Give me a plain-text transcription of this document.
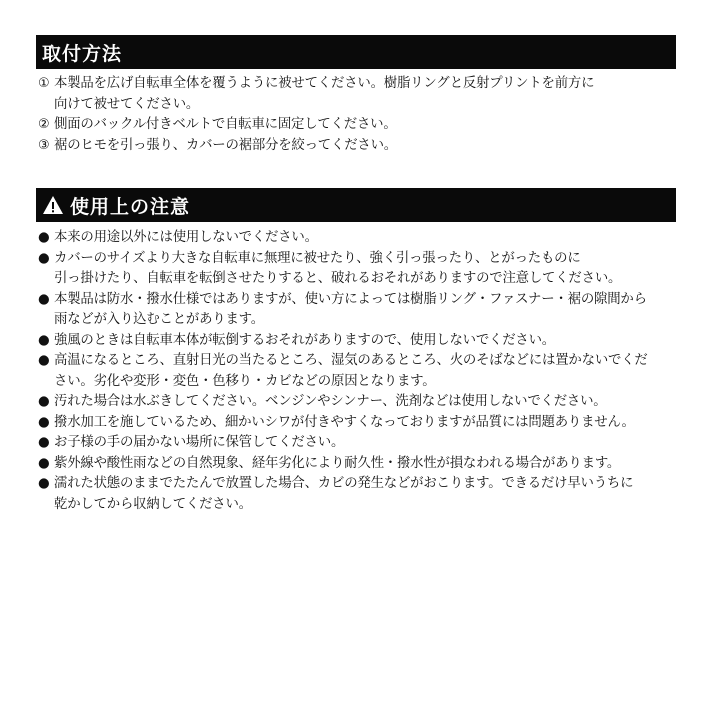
取付方法
① 本製品を広げ自転車全体を覆うように被せてください。樹脂リングと反射プリントを前方に
向けて被せてください。
② 側面のバックル付きベルトで自転車に固定してください。
③ 裾のヒモを引っ張り、カバーの裾部分を絞ってください。
使用上の注意
● 本来の用途以外には使用しないでください。
● カバーのサイズより大きな自転車に無理に被せたり、強く引っ張ったり、とがったものに
引っ掛けたり、自転車を転倒させたりすると、破れるおそれがありますので注意してください。
● 本製品は防水・撥水仕様ではありますが、使い方によっては樹脂リング・ファスナー・裾の隙間から
雨などが入り込むことがあります。
● 強風のときは自転車本体が転倒するおそれがありますので、使用しないでください。
● 高温になるところ、直射日光の当たるところ、湿気のあるところ、火のそばなどには置かないでくだ
さい。劣化や変形・変色・色移り・カビなどの原因となります。
● 汚れた場合は水ぶきしてください。ベンジンやシンナー、洗剤などは使用しないでください。
● 撥水加工を施しているため、細かいシワが付きやすくなっておりますが品質には問題ありません。
● お子様の手の届かない場所に保管してください。
● 紫外線や酸性雨などの自然現象、経年劣化により耐久性・撥水性が損なわれる場合があります。
● 濡れた状態のままでたたんで放置した場合、カビの発生などがおこります。できるだけ早いうちに
乾かしてから収納してください。
